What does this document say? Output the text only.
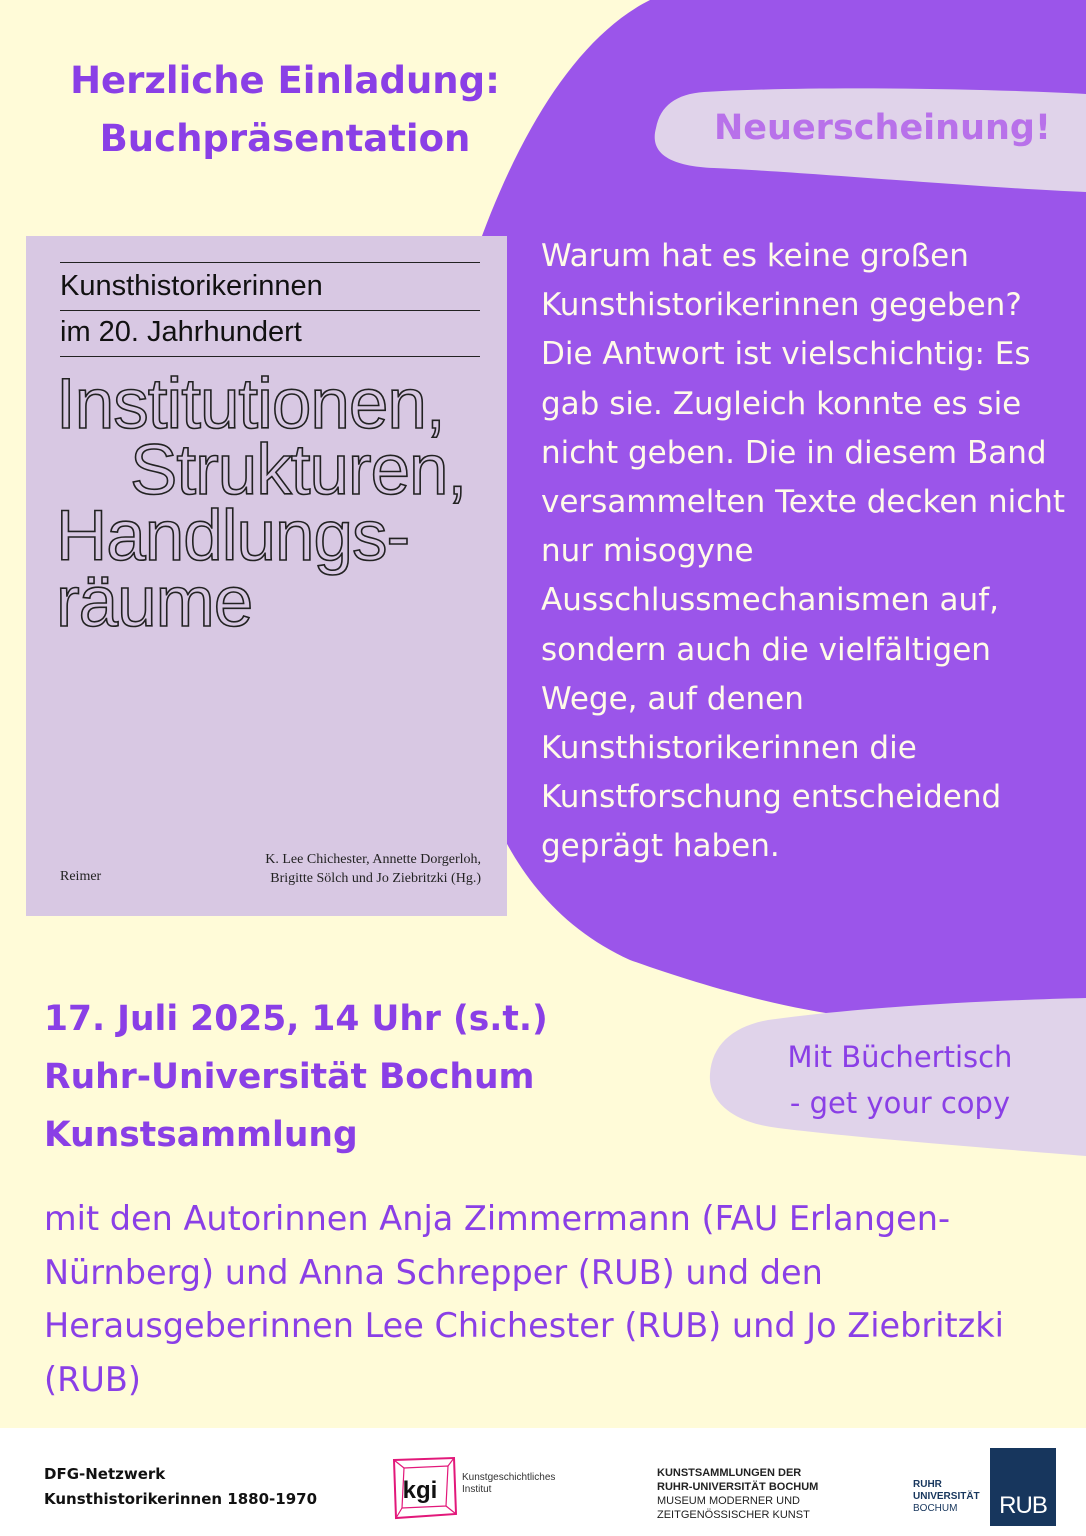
Herzliche Einladung:
Buchpräsentation	Neuerscheinung!
Kunsthistorikerinnen
im 20. Jahrhundert
Institutionen,
Strukturen,
Handlungs-
räume
Reimer
K. Lee Chichester, Annette Dorgerloh,
Brigitte Sölch und Jo Ziebritzki (Hg.)

Warum hat es keine großen Kunsthistorikerinnen gegeben? Die Antwort ist vielschichtig: Es gab sie. Zugleich konnte es sie nicht geben. Die in diesem Band versammelten Texte decken nicht nur misogyne Ausschlussmechanismen auf, sondern auch die vielfältigen Wege, auf denen Kunsthistorikerinnen die Kunstforschung entscheidend geprägt haben.

17. Juli 2025, 14 Uhr (s.t.)
Ruhr-Universität Bochum
Kunstsammlung
Mit Büchertisch
- get your copy

mit den Autorinnen Anja Zimmermann (FAU Erlangen-Nürnberg) und Anna Schrepper (RUB) und den Herausgeberinnen Lee Chichester (RUB) und Jo Ziebritzki (RUB)

DFG-Netzwerk
Kunsthistorikerinnen 1880-1970	kgi Kunstgeschichtliches
Institut
KUNSTSAMMLUNGEN DER
RUHR-UNIVERSITÄT BOCHUM
MUSEUM MODERNER UND
ZEITGENÖSSISCHER KUNST
RUHR
UNIVERSITÄT
BOCHUM	RUB
